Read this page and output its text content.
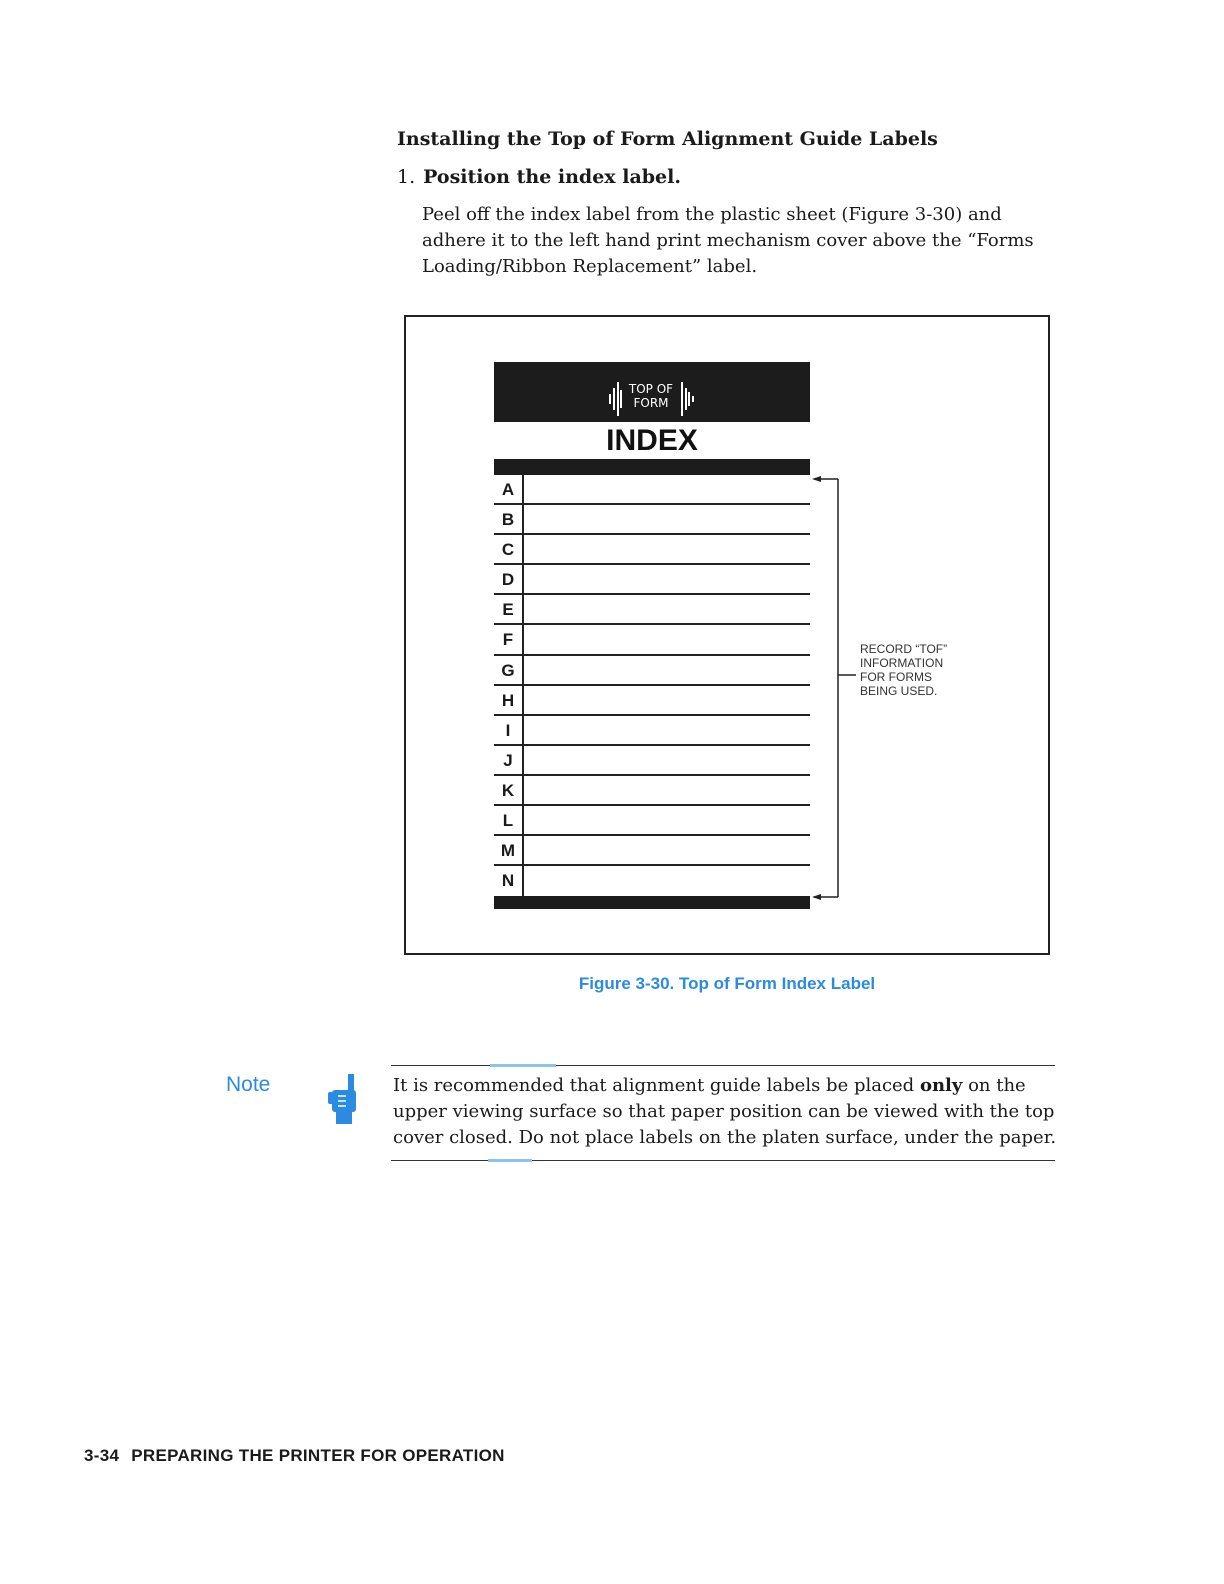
Installing the Top of Form Alignment Guide Labels
1. Position the index label.
Peel off the index label from the plastic sheet (Figure 3-30) and
adhere it to the left hand print mechanism cover above the “Forms
Loading/Ribbon Replacement” label.
TOP OF
FORM
INDEX
A
B
C
D
E
F
G
H
I
J
K
L
M
N
RECORD “TOF”
INFORMATION
FOR FORMS
BEING USED.
Figure 3-30. Top of Form Index Label
Note	It is recommended that alignment guide labels be placed only on the
upper viewing surface so that paper position can be viewed with the top
cover closed. Do not place labels on the platen surface, under the paper.
3-34 PREPARING THE PRINTER FOR OPERATION
